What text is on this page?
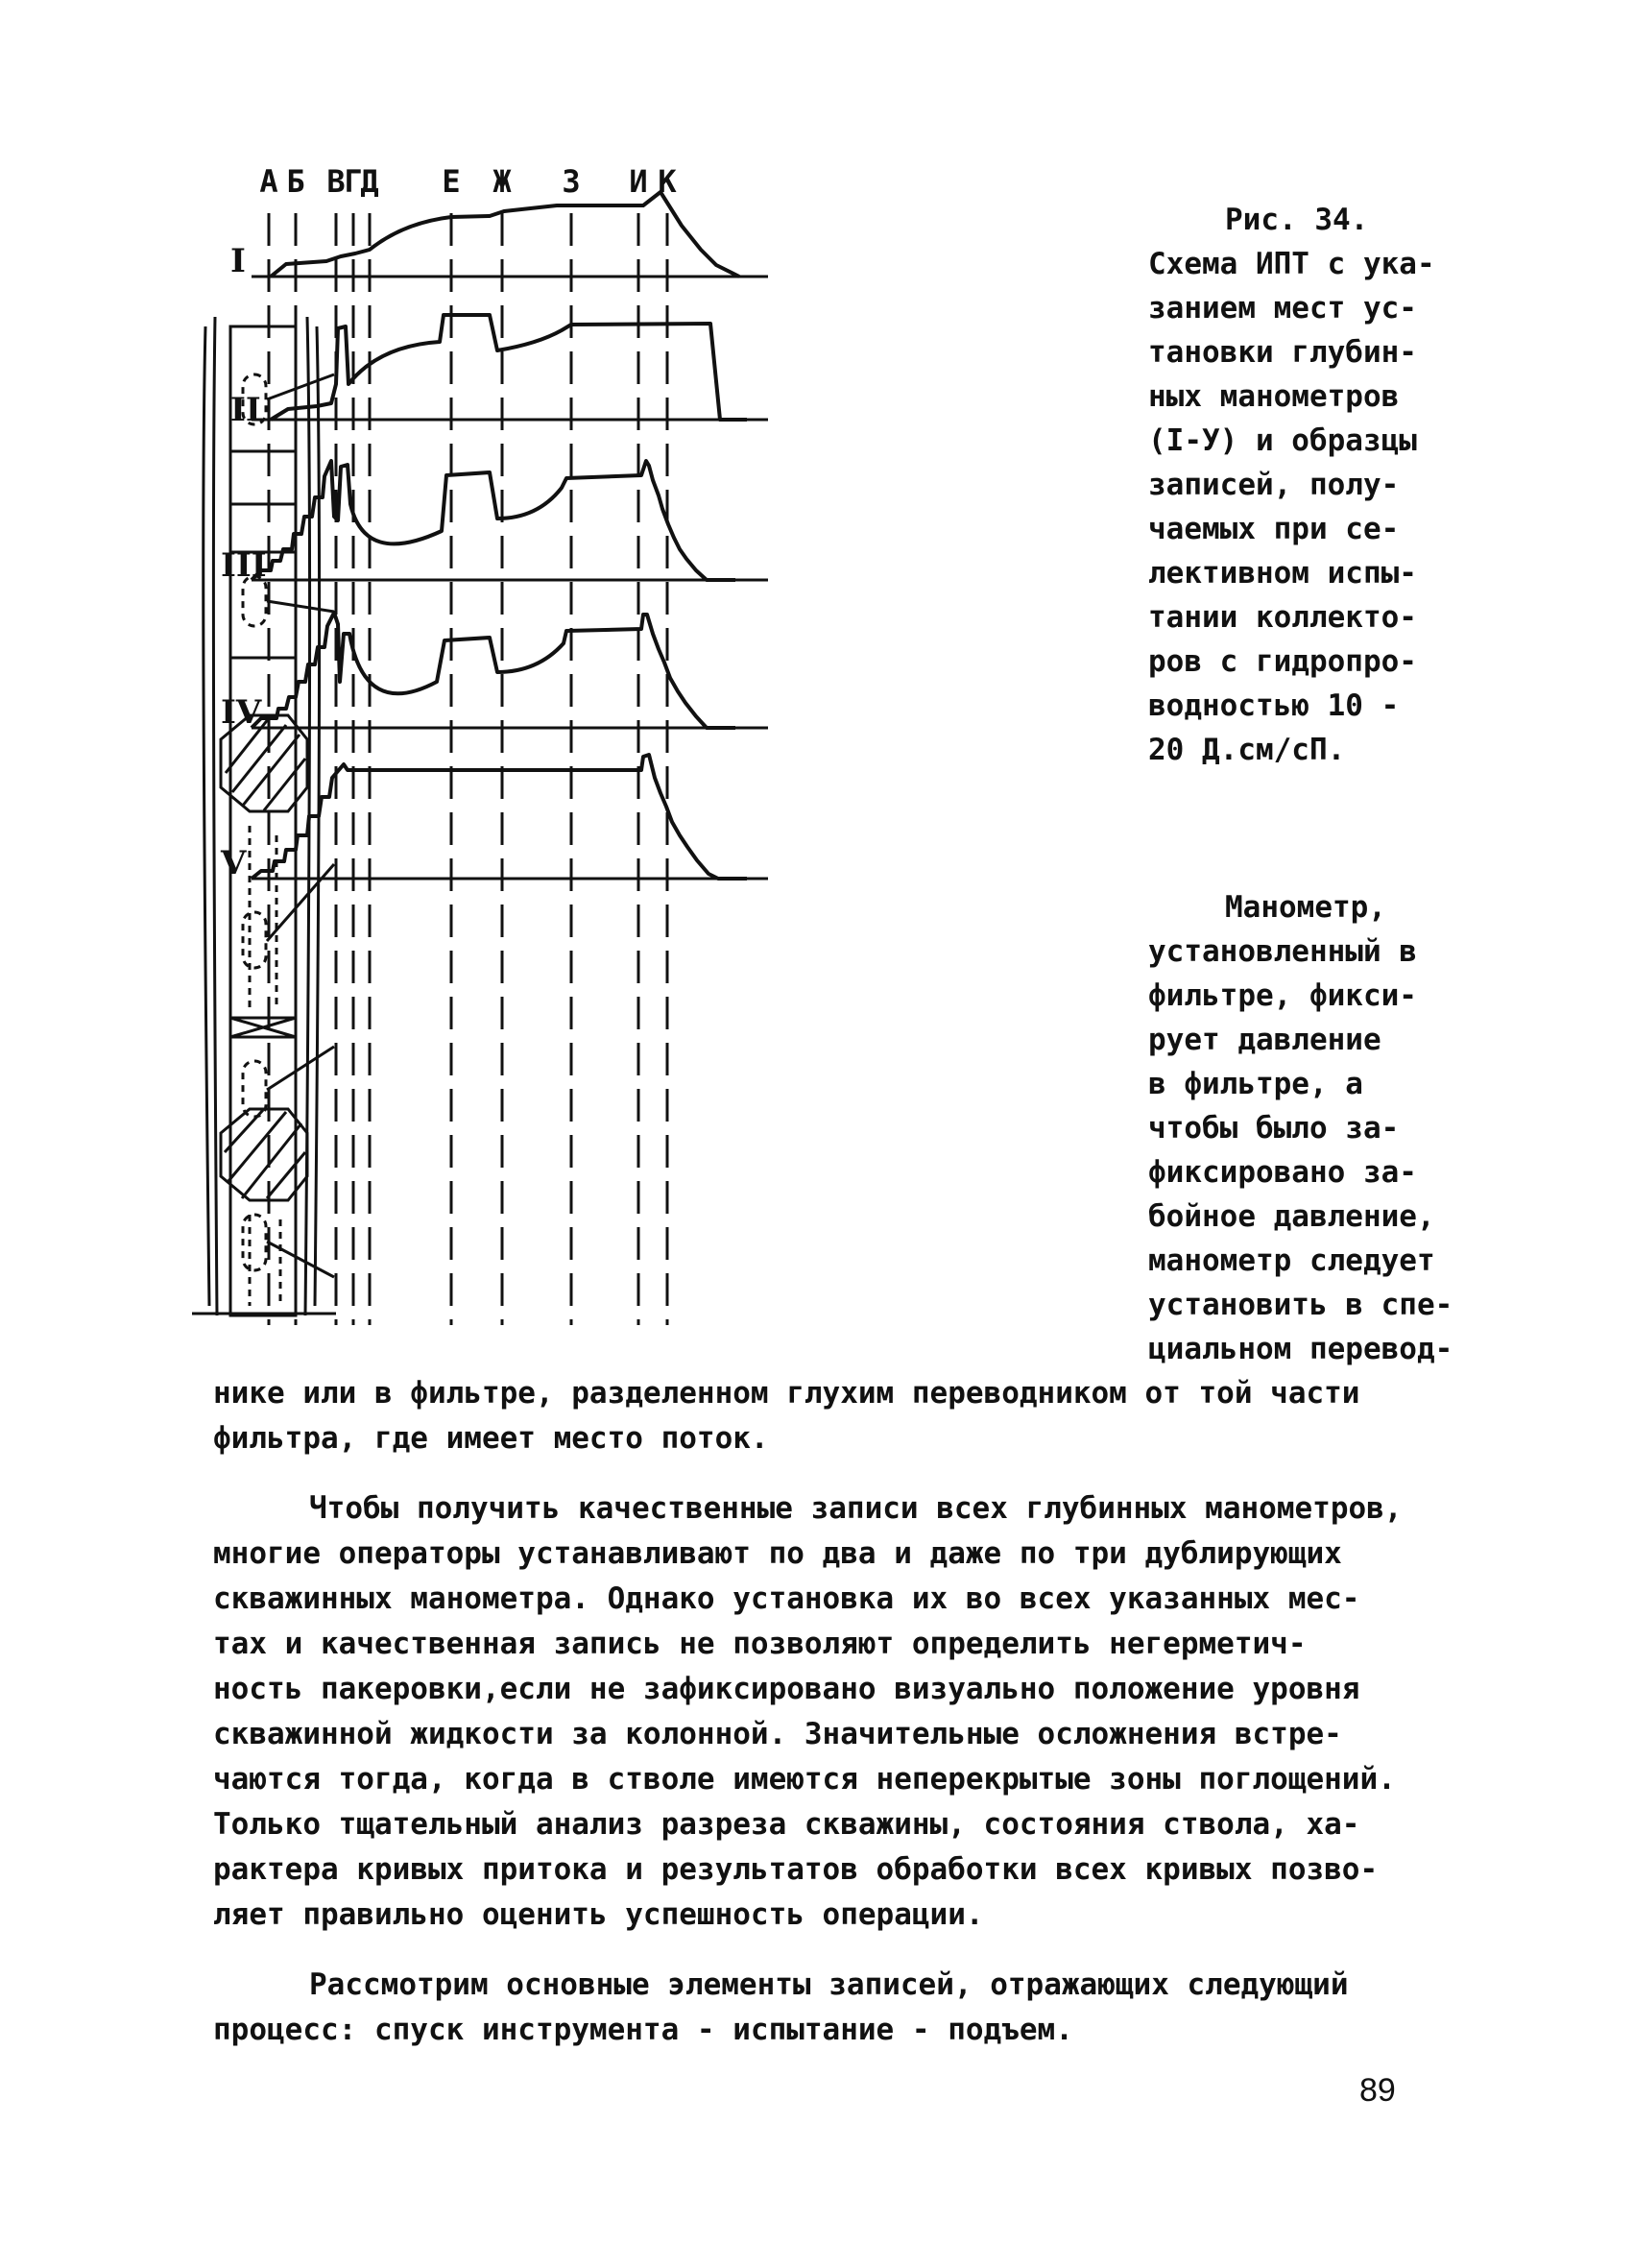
А Б В
Г
Д Е Ж З И К
I
II
III
IV
V
Рис. 34.
Схема ИПТ с ука-
занием мест ус-
тановки глубин-
ных манометров
(I-У) и образцы
записей, полу-
чаемых при се-
лективном испы-
тании коллекто-
ров с гидропро-
водностью 10 -
20 Д.см/сП.
Манометр,
установленный в
фильтре, фикси-
рует давление
в фильтре, а
чтобы было за-
фиксировано за-
бойное давление,
манометр следует
установить в спе-
циальном перевод-
нике или в фильтре, разделенном глухим переводником от той части
фильтра, где имеет место поток.
Чтобы получить качественные записи всех глубинных манометров,
многие операторы устанавливают по два и даже по три дублирующих
скважинных манометра. Однако установка их во всех указанных мес-
тах и качественная запись не позволяют определить негерметич-
ность пакеровки,если не зафиксировано визуально положение уровня
скважинной жидкости за колонной. Значительные осложнения встре-
чаются тогда, когда в стволе имеются неперекрытые зоны поглощений.
Только тщательный анализ разреза скважины, состояния ствола, ха-
рактера кривых притока и результатов обработки всех кривых позво-
ляет правильно оценить успешность операции.
Рассмотрим основные элементы записей, отражающих следующий
процесс: спуск инструмента - испытание - подъем.
89
